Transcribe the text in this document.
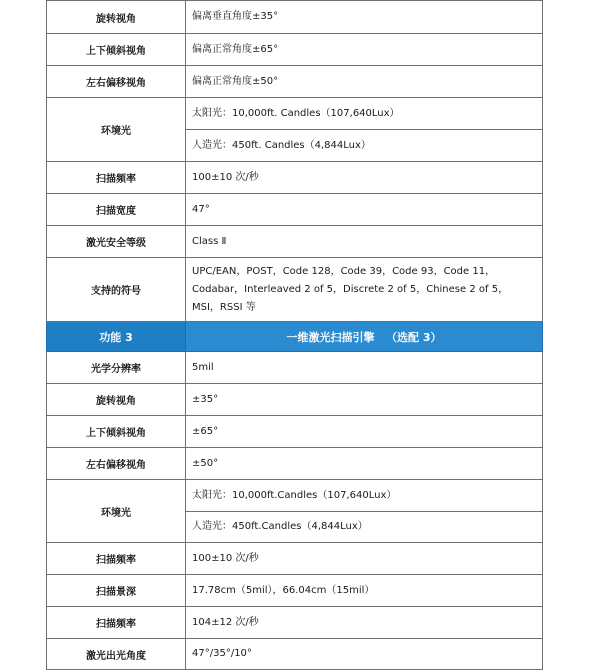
旋转视角	偏离垂直角度±35°
上下倾斜视角	偏离正常角度±65°
左右偏移视角	偏离正常角度±50°
环境光	太阳光：10,000ft. Candles（107,640Lux）
	人造光：450ft. Candles（4,844Lux）
扫描频率	100±10 次/秒
扫描宽度	47°
激光安全等级	Class Ⅱ
支持的符号	UPC/EAN，POST，Code 128，Code 39，Code 93，Code 11，
Codabar，Interleaved 2 of 5，Discrete 2 of 5，Chinese 2 of 5，
MSI，RSSI 等

功能 3	一维激光扫描引擎   （选配 3）
光学分辨率	5mil
旋转视角	±35°
上下倾斜视角	±65°
左右偏移视角	±50°
环境光	太阳光：10,000ft.Candles（107,640Lux）
	人造光：450ft.Candles（4,844Lux）
扫描频率	100±10 次/秒
扫描景深	17.78cm（5mil），66.04cm（15mil）
扫描频率	104±12 次/秒
激光出光角度	47°/35°/10°
